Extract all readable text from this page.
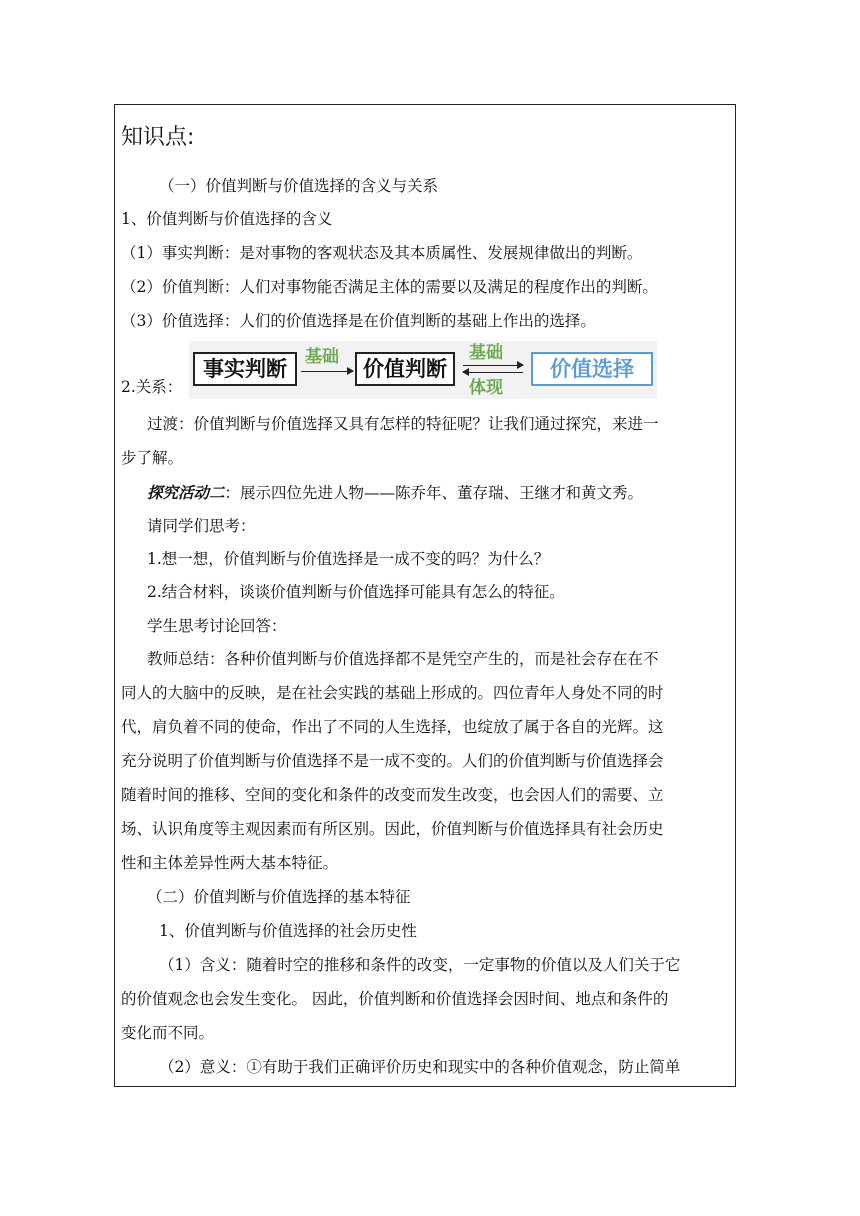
知识点:
（一）价值判断与价值选择的含义与关系
1、价值判断与价值选择的含义
（1）事实判断：是对事物的客观状态及其本质属性、发展规律做出的判断。
（2）价值判断：人们对事物能否满足主体的需要以及满足的程度作出的判断。
（3）价值选择：人们的价值选择是在价值判断的基础上作出的选择。
2.关系：
事实判断	基础	价值判断
基础
体现
价值选择
过渡：价值判断与价值选择又具有怎样的特征呢？让我们通过探究，来进一
步了解。
探究活动二：展示四位先进人物——陈乔年、董存瑞、王继才和黄文秀。
请同学们思考：
1.想一想，价值判断与价值选择是一成不变的吗？为什么？
2.结合材料，谈谈价值判断与价值选择可能具有怎么的特征。
学生思考讨论回答：
教师总结：各种价值判断与价值选择都不是凭空产生的，而是社会存在在不
同人的大脑中的反映，是在社会实践的基础上形成的。四位青年人身处不同的时
代，肩负着不同的使命，作出了不同的人生选择，也绽放了属于各自的光辉。这
充分说明了价值判断与价值选择不是一成不变的。人们的价值判断与价值选择会
随着时间的推移、空间的变化和条件的改变而发生改变，也会因人们的需要、立
场、认识角度等主观因素而有所区别。因此，价值判断与价值选择具有社会历史
性和主体差异性两大基本特征。
（二）价值判断与价值选择的基本特征
1、价值判断与价值选择的社会历史性
（1）含义：随着时空的推移和条件的改变，一定事物的价值以及人们关于它
的价值观念也会发生变化。 因此，价值判断和价值选择会因时间、地点和条件的
变化而不同。
（2）意义：①有助于我们正确评价历史和现实中的各种价值观念，防止简单
